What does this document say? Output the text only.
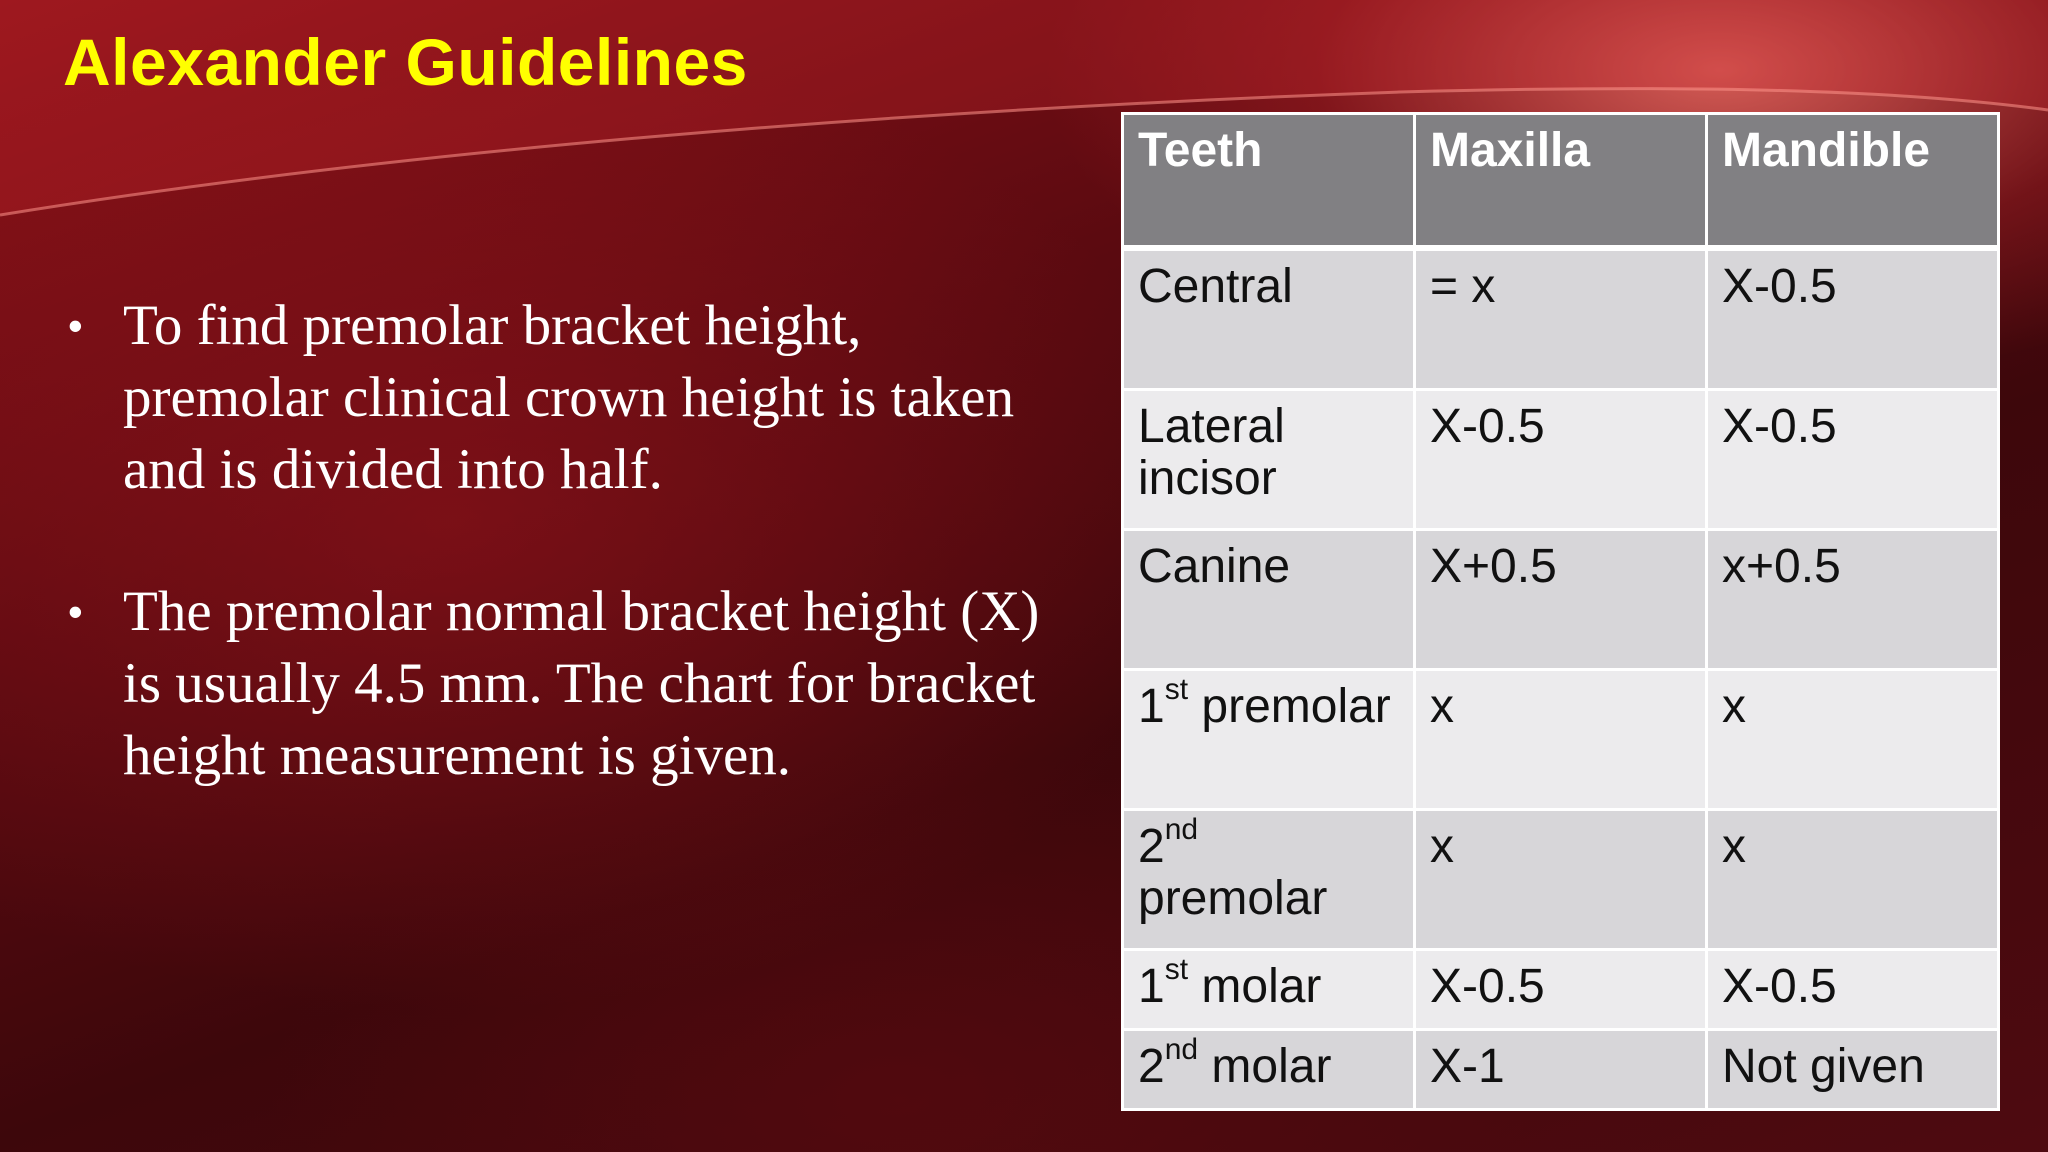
Alexander Guidelines
• To find premolar bracket height, premolar clinical crown height is taken and is divided into half.
• The premolar normal bracket height (X) is usually 4.5 mm. The chart for bracket height measurement is given.
Teeth	Maxilla	Mandible
Central	= x	X-0.5
Lateral incisor	X-0.5	X-0.5
Canine	X+0.5	x+0.5
1st premolar	x	x
2nd premolar	x	x
1st molar	X-0.5	X-0.5
2nd molar	X-1	Not given
